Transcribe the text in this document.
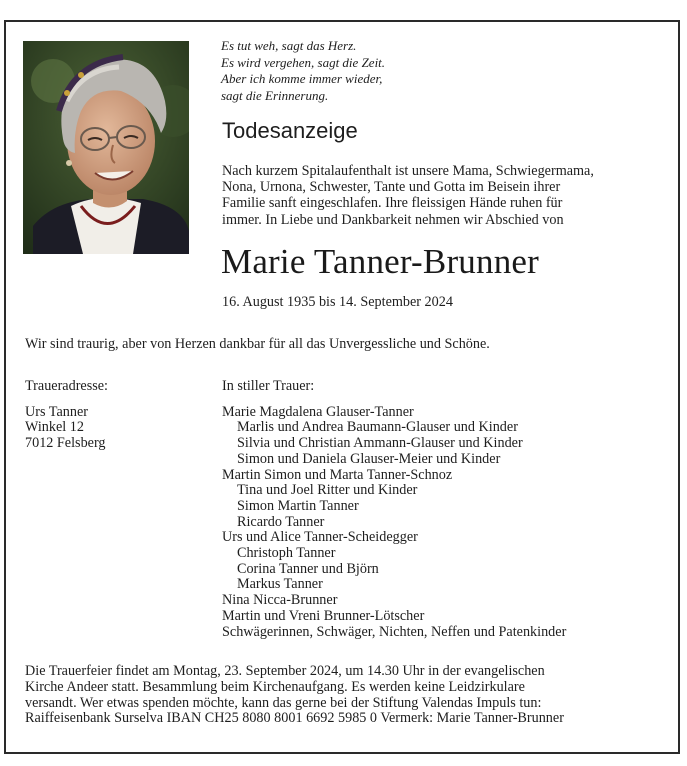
Es tut weh, sagt das Herz.
Es wird vergehen, sagt die Zeit.
Aber ich komme immer wieder,
sagt die Erinnerung.
Todesanzeige
Nach kurzem Spitalaufenthalt ist unsere Mama, Schwiegermama,
Nona, Urnona, Schwester, Tante und Gotta im Beisein ihrer
Familie sanft eingeschlafen. Ihre fleissigen Hände ruhen für
immer. In Liebe und Dankbarkeit nehmen wir Abschied von
Marie Tanner-Brunner
16. August 1935 bis 14. September 2024
Wir sind traurig, aber von Herzen dankbar für all das Unvergessliche und Schöne.
Traueradresse:
Urs Tanner
Winkel 12
7012 Felsberg
In stiller Trauer:
Marie Magdalena Glauser-Tanner
Marlis und Andrea Baumann-Glauser und Kinder
Silvia und Christian Ammann-Glauser und Kinder
Simon und Daniela Glauser-Meier und Kinder
Martin Simon und Marta Tanner-Schnoz
Tina und Joel Ritter und Kinder
Simon Martin Tanner
Ricardo Tanner
Urs und Alice Tanner-Scheidegger
Christoph Tanner
Corina Tanner und Björn
Markus Tanner
Nina Nicca-Brunner
Martin und Vreni Brunner-Lötscher
Schwägerinnen, Schwäger, Nichten, Neffen und Patenkinder
Die Trauerfeier findet am Montag, 23. September 2024, um 14.30 Uhr in der evangelischen
Kirche Andeer statt. Besammlung beim Kirchenaufgang. Es werden keine Leidzirkulare
versandt. Wer etwas spenden möchte, kann das gerne bei der Stiftung Valendas Impuls tun:
Raiffeisenbank Surselva IBAN CH25 8080 8001 6692 5985 0 Vermerk: Marie Tanner-Brunner
